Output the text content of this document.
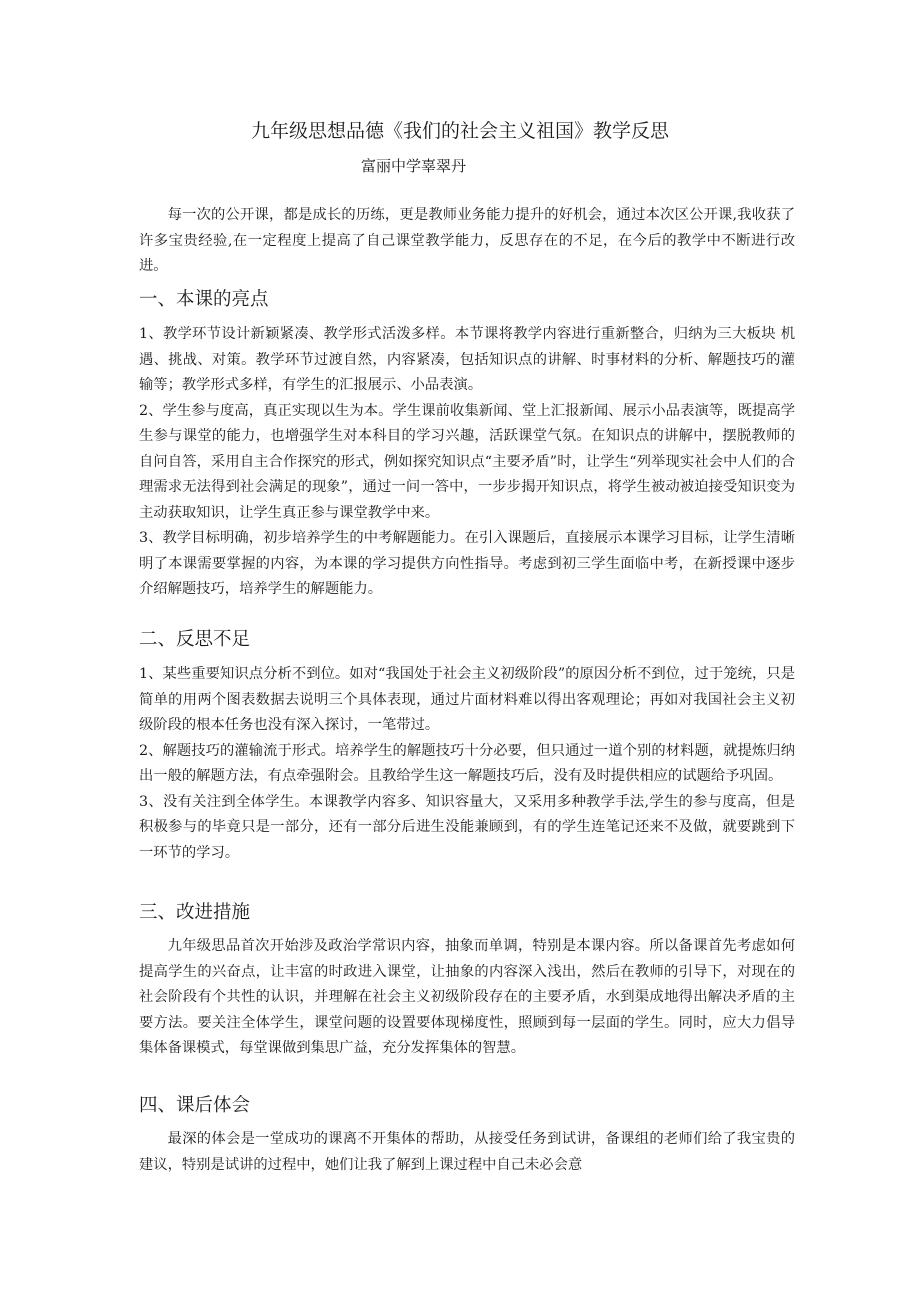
九年级思想品德《我们的社会主义祖国》教学反思
富丽中学辜翠丹

每一次的公开课，都是成长的历练，更是教师业务能力提升的好机会，通过本次区公开课,我收获了许多宝贵经验,在一定程度上提高了自己课堂教学能力，反思存在的不足，在今后的教学中不断进行改进。

一、本课的亮点

1、教学环节设计新颖紧凑、教学形式活泼多样。本节课将教学内容进行重新整合，归纳为三大板块 机遇、挑战、对策。教学环节过渡自然，内容紧凑，包括知识点的讲解、时事材料的分析、解题技巧的灌输等；教学形式多样，有学生的汇报展示、小品表演。

2、学生参与度高，真正实现以生为本。学生课前收集新闻、堂上汇报新闻、展示小品表演等，既提高学生参与课堂的能力，也增强学生对本科目的学习兴趣，活跃课堂气氛。在知识点的讲解中，摆脱教师的自问自答，采用自主合作探究的形式，例如探究知识点“主要矛盾”时，让学生“列举现实社会中人们的合理需求无法得到社会满足的现象”，通过一问一答中，一步步揭开知识点，将学生被动被迫接受知识变为主动获取知识，让学生真正参与课堂教学中来。

3、教学目标明确，初步培养学生的中考解题能力。在引入课题后，直接展示本课学习目标，让学生清晰明了本课需要掌握的内容，为本课的学习提供方向性指导。考虑到初三学生面临中考，在新授课中逐步介绍解题技巧，培养学生的解题能力。

二、反思不足

1、某些重要知识点分析不到位。如对“我国处于社会主义初级阶段”的原因分析不到位，过于笼统，只是简单的用两个图表数据去说明三个具体表现，通过片面材料难以得出客观理论；再如对我国社会主义初级阶段的根本任务也没有深入探讨，一笔带过。

2、解题技巧的灌输流于形式。培养学生的解题技巧十分必要，但只通过一道个别的材料题，就提炼归纳出一般的解题方法，有点牵强附会。且教给学生这一解题技巧后，没有及时提供相应的试题给予巩固。

3、没有关注到全体学生。本课教学内容多、知识容量大，又采用多种教学手法,学生的参与度高，但是积极参与的毕竟只是一部分，还有一部分后进生没能兼顾到，有的学生连笔记还来不及做，就要跳到下一环节的学习。

三、改进措施

九年级思品首次开始涉及政治学常识内容，抽象而单调，特别是本课内容。所以备课首先考虑如何提高学生的兴奋点，让丰富的时政进入课堂，让抽象的内容深入浅出，然后在教师的引导下，对现在的社会阶段有个共性的认识，并理解在社会主义初级阶段存在的主要矛盾，水到渠成地得出解决矛盾的主要方法。要关注全体学生，课堂问题的设置要体现梯度性，照顾到每一层面的学生。同时，应大力倡导集体备课模式，每堂课做到集思广益，充分发挥集体的智慧。

四、课后体会

最深的体会是一堂成功的课离不开集体的帮助，从接受任务到试讲，备课组的老师们给了我宝贵的建议，特别是试讲的过程中，她们让我了解到上课过程中自己未必会意
